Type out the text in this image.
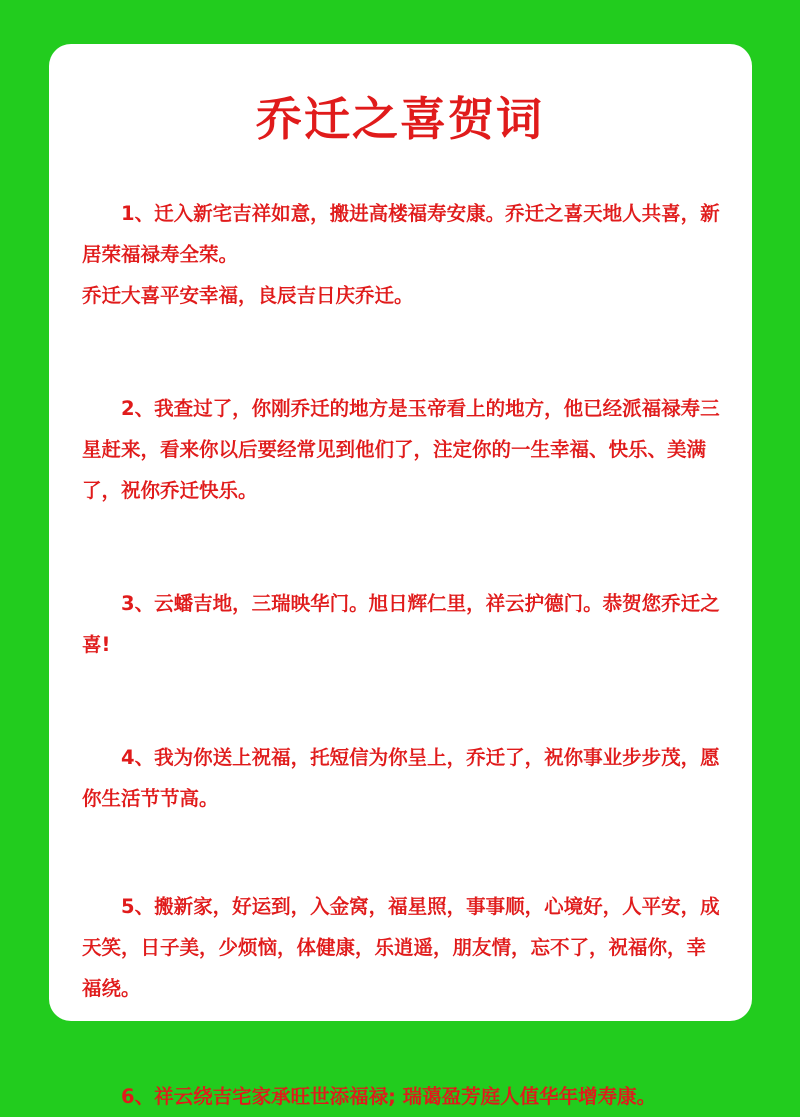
乔迁之喜贺词

　　1、迁入新宅吉祥如意，搬进高楼福寿安康。乔迁之喜天地人共喜，新居荣福禄寿全荣。

乔迁大喜平安幸福，良辰吉日庆乔迁。

　　2、我查过了，你刚乔迁的地方是玉帝看上的地方，他已经派福禄寿三星赶来，看来你以后要经常见到他们了，注定你的一生幸福、快乐、美满了，祝你乔迁快乐。

　　3、云蟠吉地，三瑞映华门。旭日辉仁里，祥云护德门。恭贺您乔迁之喜!

　　4、我为你送上祝福，托短信为你呈上，乔迁了，祝你事业步步茂，愿你生活节节高。

　　5、搬新家，好运到，入金窝，福星照，事事顺，心境好，人平安，成天笑，日子美，少烦恼，体健康，乐逍遥，朋友情，忘不了，祝福你，幸福绕。

　　6、祥云绕吉宅家承旺世添福禄; 瑞蔼盈芳庭人值华年增寿康。
